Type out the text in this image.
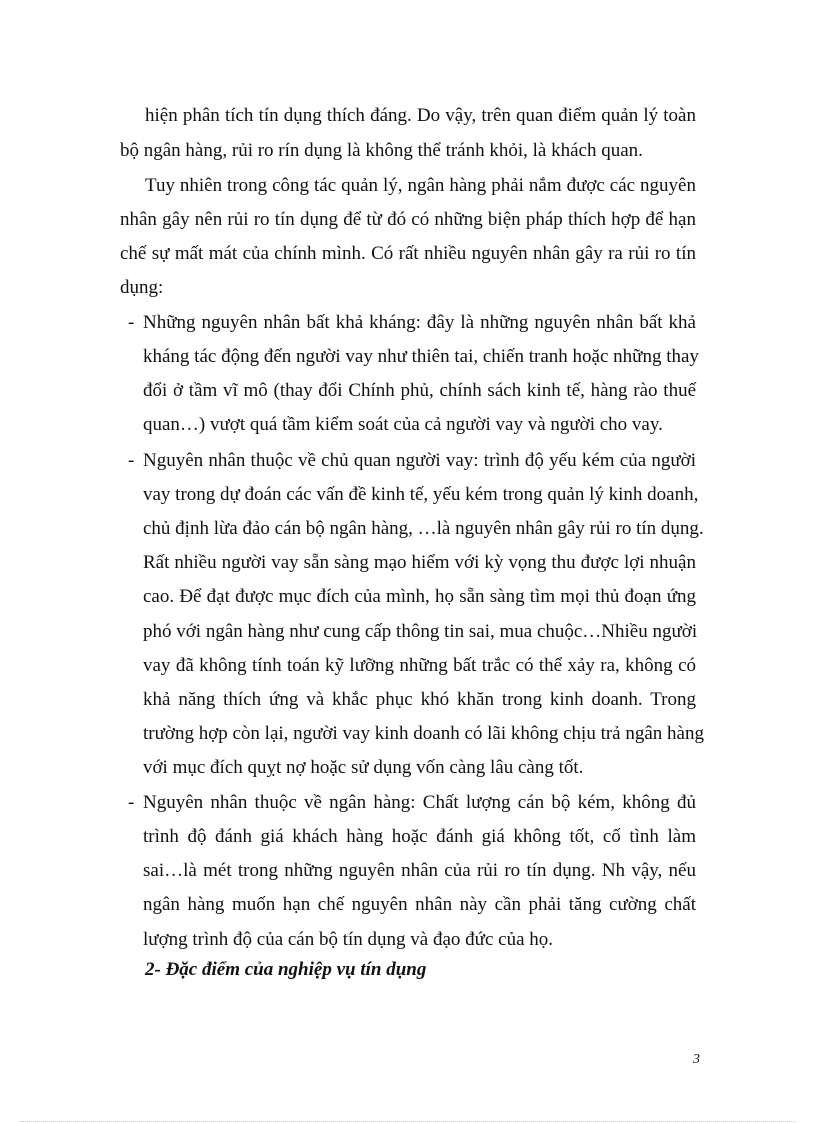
hiện phân tích tín dụng thích đáng. Do vậy, trên quan điểm quản lý toàn
bộ ngân hàng, rủi ro rín dụng là không thể tránh khỏi, là khách quan.
Tuy nhiên trong công tác quản lý, ngân hàng phải nắm được các nguyên
nhân gây nên rủi ro tín dụng để từ đó có những biện pháp thích hợp để hạn
chế sự mất mát của chính mình. Có rất nhiều nguyên nhân gây ra rủi ro tín
dụng:
- Những nguyên nhân bất khả kháng: đây là những nguyên nhân bất khả
kháng tác động đến người vay như thiên tai, chiến tranh hoặc những thay
đổi ở tầm vĩ mô (thay đổi Chính phủ, chính sách kinh tế, hàng rào thuế
quan…) vượt quá tầm kiểm soát của cả người vay và người cho vay.
- Nguyên nhân thuộc về chủ quan người vay: trình độ yếu kém của người
vay trong dự đoán các vấn đề kinh tế, yếu kém trong quản lý kinh doanh,
chủ định lừa đảo cán bộ ngân hàng, …là nguyên nhân gây rủi ro tín dụng.
Rất nhiều người vay sẵn sàng mạo hiểm với kỳ vọng thu được lợi nhuận
cao. Để đạt được mục đích của mình, họ sẵn sàng tìm mọi thủ đoạn ứng
phó với ngân hàng như cung cấp thông tin sai, mua chuộc…Nhiều người
vay đã không tính toán kỹ lưỡng những bất trắc có thể xảy ra, không có
khả năng thích ứng và khắc phục khó khăn trong kinh doanh. Trong
trường hợp còn lại, người vay kinh doanh có lãi không chịu trả ngân hàng
với mục đích quỵt nợ hoặc sử dụng vốn càng lâu càng tốt.
- Nguyên nhân thuộc về ngân hàng: Chất lượng cán bộ kém, không đủ
trình độ đánh giá khách hàng hoặc đánh giá không tốt, cố tình làm
sai…là mét trong những nguyên nhân của rủi ro tín dụng. Nh vậy, nếu
ngân hàng muốn hạn chế nguyên nhân này cần phải tăng cường chất
lượng trình độ của cán bộ tín dụng và đạo đức của họ.
2- Đặc điểm của nghiệp vụ tín dụng
3
